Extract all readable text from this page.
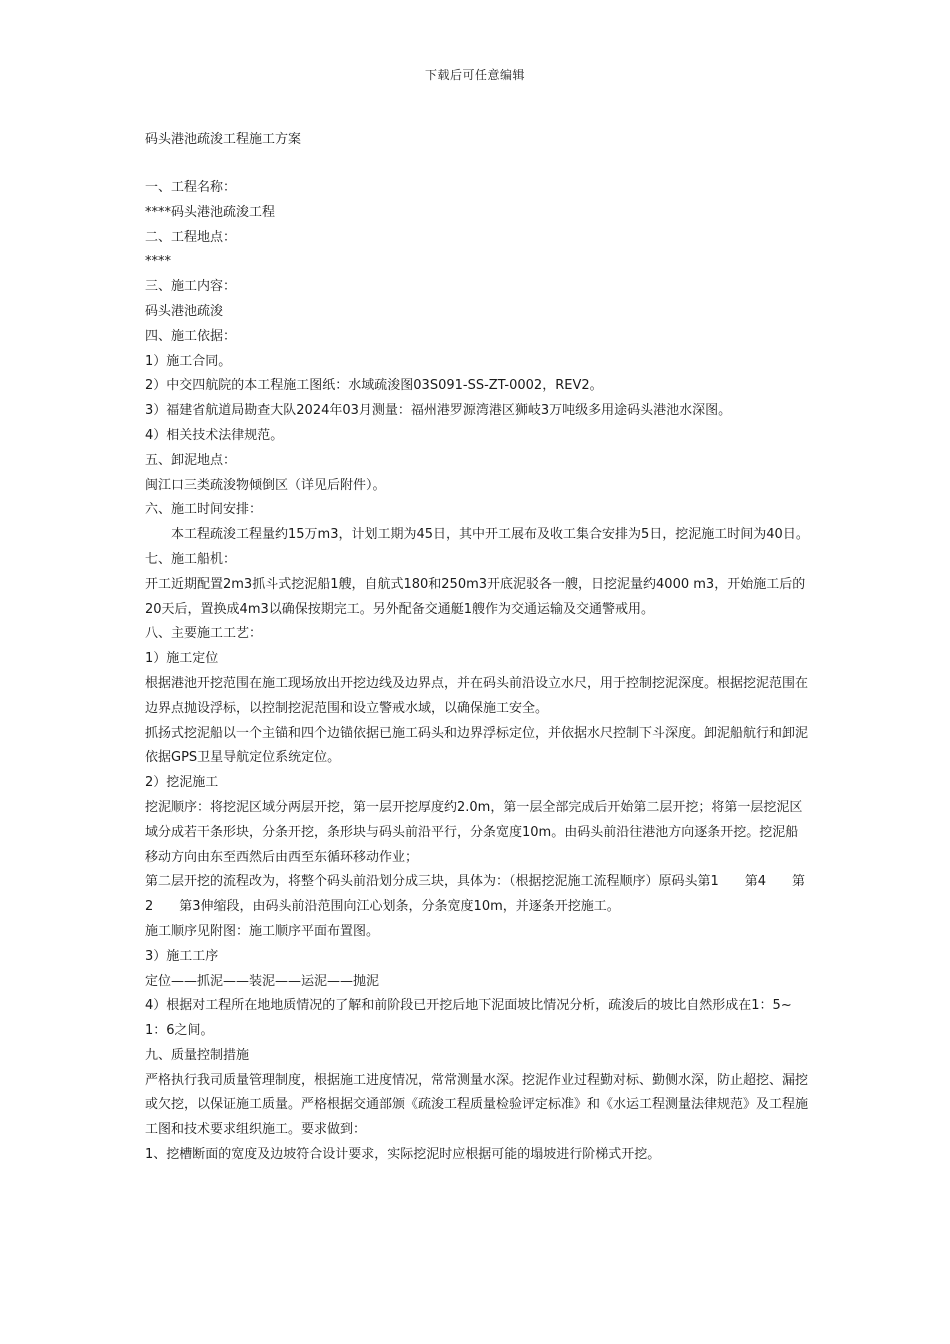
下载后可任意编辑
码头港池疏浚工程施工方案

一、工程名称：

****码头港池疏浚工程

二、工程地点：

****

三、施工内容：

码头港池疏浚

四、施工依据：

1）施工合同。

2）中交四航院的本工程施工图纸：水域疏浚图03S091-SS-ZT-0002，REV2。

3）福建省航道局勘查大队2024年03月测量：福州港罗源湾港区狮岐3万吨级多用途码头港池水深图。

4）相关技术法律规范。

五、卸泥地点：

闽江口三类疏浚物倾倒区（详见后附件）。

六、施工时间安排：

本工程疏浚工程量约15万m3，计划工期为45日，其中开工展布及收工集合安排为5日，挖泥施工时间为40日。

七、施工船机：

开工近期配置2m3抓斗式挖泥船1艘，自航式180和250m3开底泥驳各一艘，日挖泥量约4000 m3，开始施工后的20天后，置换成4m3以确保按期完工。另外配备交通艇1艘作为交通运输及交通警戒用。

八、主要施工工艺：

1）施工定位

根据港池开挖范围在施工现场放出开挖边线及边界点，并在码头前沿设立水尺，用于控制挖泥深度。根据挖泥范围在边界点抛设浮标，以控制挖泥范围和设立警戒水域，以确保施工安全。

抓扬式挖泥船以一个主锚和四个边锚依据已施工码头和边界浮标定位，并依据水尺控制下斗深度。卸泥船航行和卸泥依据GPS卫星导航定位系统定位。

2）挖泥施工

挖泥顺序：将挖泥区域分两层开挖，第一层开挖厚度约2.0m，第一层全部完成后开始第二层开挖；将第一层挖泥区域分成若干条形块，分条开挖，条形块与码头前沿平行，分条宽度10m。由码头前沿往港池方向逐条开挖。挖泥船移动方向由东至西然后由西至东循环移动作业；

第二层开挖的流程改为，将整个码头前沿划分成三块，具体为：（根据挖泥施工流程顺序）原码头第1　　第4　　第2　　第3伸缩段，由码头前沿范围向江心划条，分条宽度10m，并逐条开挖施工。

施工顺序见附图：施工顺序平面布置图。

3）施工工序

定位——抓泥——装泥——运泥——抛泥

4）根据对工程所在地地质情况的了解和前阶段已开挖后地下泥面坡比情况分析，疏浚后的坡比自然形成在1：5~1：6之间。

九、质量控制措施

严格执行我司质量管理制度，根据施工进度情况，常常测量水深。挖泥作业过程勤对标、勤侧水深，防止超挖、漏挖或欠挖，以保证施工质量。严格根据交通部颁《疏浚工程质量检验评定标准》和《水运工程测量法律规范》及工程施工图和技术要求组织施工。要求做到：

1、挖槽断面的宽度及边坡符合设计要求，实际挖泥时应根据可能的塌坡进行阶梯式开挖。
